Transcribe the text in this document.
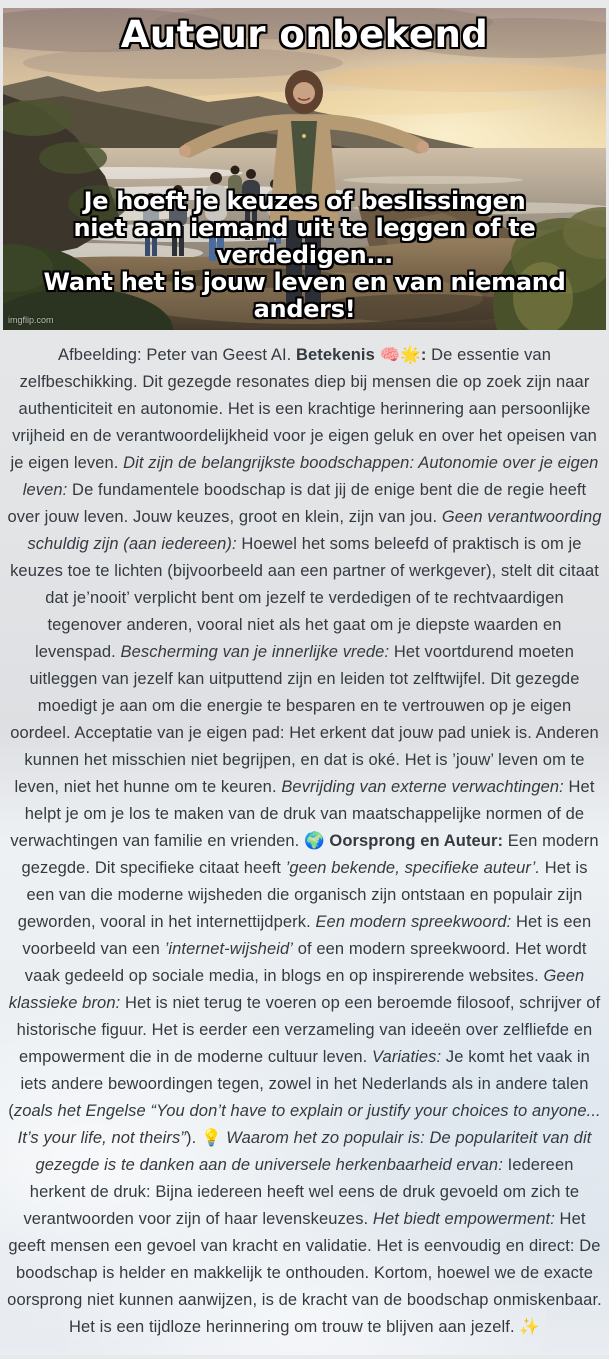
Auteur onbekend
Je hoeft je keuzes of beslissingen
niet aan iemand uit te leggen of te verdedigen...
Want het is jouw leven en van niemand anders!
imgflip.com

Afbeelding: Peter van Geest AI. Betekenis 🧠🌟: De essentie van zelfbeschikking. Dit gezegde resonates diep bij mensen die op zoek zijn naar authenticiteit en autonomie. Het is een krachtige herinnering aan persoonlijke vrijheid en de verantwoordelijkheid voor je eigen geluk en over het opeisen van je eigen leven. Dit zijn de belangrijkste boodschappen: Autonomie over je eigen leven: De fundamentele boodschap is dat jij de enige bent die de regie heeft over jouw leven. Jouw keuzes, groot en klein, zijn van jou. Geen verantwoording schuldig zijn (aan iedereen): Hoewel het soms beleefd of praktisch is om je keuzes toe te lichten (bijvoorbeeld aan een partner of werkgever), stelt dit citaat dat je’nooit’ verplicht bent om jezelf te verdedigen of te rechtvaardigen tegenover anderen, vooral niet als het gaat om je diepste waarden en levenspad. Bescherming van je innerlijke vrede: Het voortdurend moeten uitleggen van jezelf kan uitputtend zijn en leiden tot zelftwijfel. Dit gezegde moedigt je aan om die energie te besparen en te vertrouwen op je eigen oordeel. Acceptatie van je eigen pad: Het erkent dat jouw pad uniek is. Anderen kunnen het misschien niet begrijpen, en dat is oké. Het is ’jouw’ leven om te leven, niet het hunne om te keuren. Bevrijding van externe verwachtingen: Het helpt je om je los te maken van de druk van maatschappelijke normen of de verwachtingen van familie en vrienden. 🌍 Oorsprong en Auteur: Een modern gezegde. Dit specifieke citaat heeft ’geen bekende, specifieke auteur’. Het is een van die moderne wijsheden die organisch zijn ontstaan en populair zijn geworden, vooral in het internettijdperk. Een modern spreekwoord: Het is een voorbeeld van een ’internet-wijsheid’ of een modern spreekwoord. Het wordt vaak gedeeld op sociale media, in blogs en op inspirerende websites. Geen klassieke bron: Het is niet terug te voeren op een beroemde filosoof, schrijver of historische figuur. Het is eerder een verzameling van ideeën over zelfliefde en empowerment die in de moderne cultuur leven. Variaties: Je komt het vaak in iets andere bewoordingen tegen, zowel in het Nederlands als in andere talen (zoals het Engelse “You don’t have to explain or justify your choices to anyone... It’s your life, not theirs”). 💡 Waarom het zo populair is: De populariteit van dit gezegde is te danken aan de universele herkenbaarheid ervan: Iedereen herkent de druk: Bijna iedereen heeft wel eens de druk gevoeld om zich te verantwoorden voor zijn of haar levenskeuzes. Het biedt empowerment: Het geeft mensen een gevoel van kracht en validatie. Het is eenvoudig en direct: De boodschap is helder en makkelijk te onthouden. Kortom, hoewel we de exacte oorsprong niet kunnen aanwijzen, is de kracht van de boodschap onmiskenbaar. Het is een tijdloze herinnering om trouw te blijven aan jezelf. ✨
